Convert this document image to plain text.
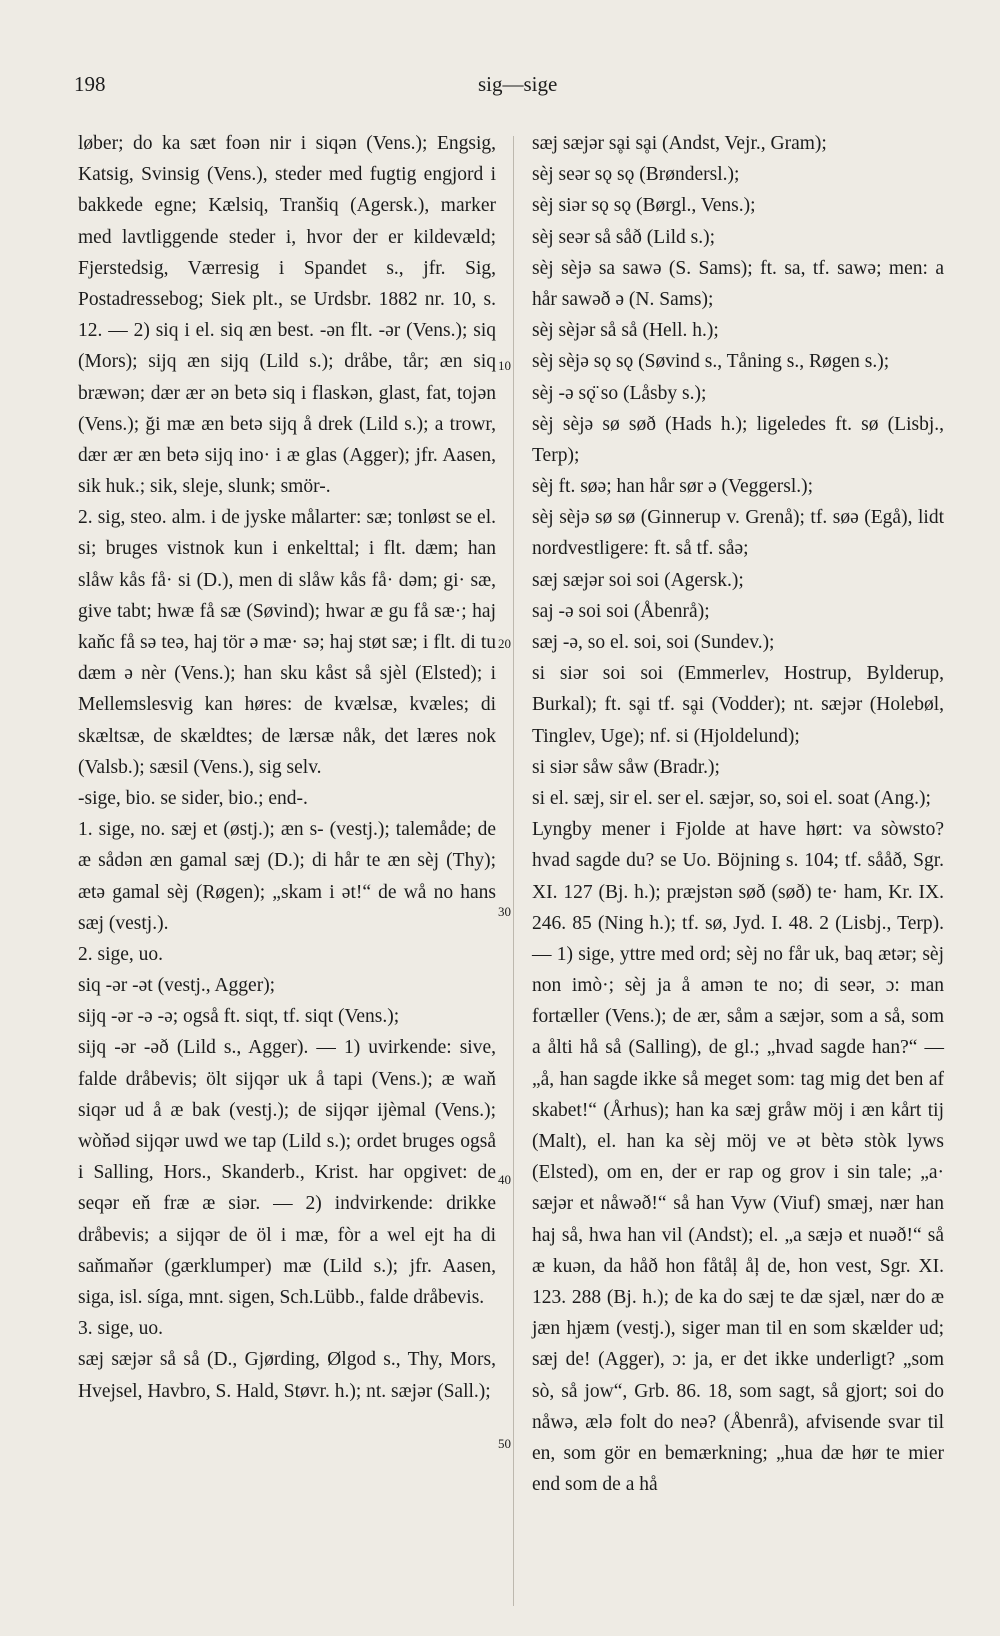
198	sig—sige

løber; do ka sæt foən nir i siqən (Vens.); Engsig, Katsig, Svinsig (Vens.), steder med fugtig engjord i bakkede egne; Kælsiq, Tranšiq (Agersk.), marker med lavtliggende steder i, hvor der er kildevæld; Fjerstedsig, Værresig i Spandet s., jfr. Sig, Postadressebog; Siek plt., se Urdsbr. 1882 nr. 10, s. 12. — 2) siq i el. siq æn best. -ən flt. -ər (Vens.); siq (Mors); sijq æn sijq (Lild s.); dråbe, tår; æn siq bræwən; dær ær ən betə siq i flaskən, glast, fat, tojən (Vens.); ği mæ æn betə sijq å drek (Lild s.); a trowr, dær ær æn betə sijq ino· i æ glas (Agger); jfr. Aasen, sik huk.; sik, sleje, slunk; smör-.

2. sig, steo. alm. i de jyske målarter: sæ; tonløst se el. si; bruges vistnok kun i enkelttal; i flt. dæm; han slåw kås få· si (D.), men di slåw kås få· dəm; gi· sæ, give tabt; hwæ få sæ (Søvind); hwar æ gu få sæ·; haj kaňc få sə teə, haj tör ə mæ· sə; haj støt sæ; i flt. di tu dæm ə nèr (Vens.); han sku kåst så sjèl (Elsted); i Mellemslesvig kan høres: de kvælsæ, kvæles; di skæltsæ, de skældtes; de lærsæ nåk, det læres nok (Valsb.); sæsil (Vens.), sig selv.

-sige, bio. se sider, bio.; end-.

1. sige, no. sæj et (østj.); æn s- (vestj.); talemåde; de æ sådən æn gamal sæj (D.); di hår te æn sèj (Thy); ætə gamal sèj (Røgen); „skam i ət!“ de wå no hans sæj (vestj.).

2. sige, uo.

siq -ər -ət (vestj., Agger);

sijq -ər -ə -ə; også ft. siqt, tf. siqt (Vens.);

sijq -ər -əð (Lild s., Agger). — 1) uvirkende: sive, falde dråbevis; ölt sijqər uk å tapi (Vens.); æ waň siqər ud å æ bak (vestj.); de sijqər ijèmal (Vens.); wòňəd sijqər uwd we tap (Lild s.); ordet bruges også i Salling, Hors., Skanderb., Krist. har opgivet: de seqər eň fræ æ siər. — 2) indvirkende: drikke dråbevis; a sijqər de öl i mæ, fòr a wel ejt ha di saňmaňər (gærklumper) mæ (Lild s.); jfr. Aasen, siga, isl. síga, mnt. sigen, Sch.Lübb., falde dråbevis.

3. sige, uo.

sæj sæjər så så (D., Gjørding, Ølgod s., Thy, Mors, Hvejsel, Havbro, S. Hald, Støvr. h.); nt. sæjər (Sall.);

10
20
30
40
50

sæj sæjər sḁi sḁi (Andst, Vejr., Gram);

sèj seər sǫ sǫ (Brøndersl.);

sèj siər sǫ sǫ (Børgl., Vens.);

sèj seər så såð (Lild s.);

sèj sèjə sa sawə (S. Sams); ft. sa, tf. sawə; men: a hår sawəð ə (N. Sams);

sèj sèjər så så (Hell. h.);

sèj sèjə sǫ sǫ (Søvind s., Tåning s., Røgen s.);

sèj -ə sǫ̈ so (Låsby s.);

sèj sèjə sø søð (Hads h.); ligeledes ft. sø (Lisbj., Terp);

sèj ft. søə; han hår sør ə (Veggersl.);

sèj sèjə sø sø (Ginnerup v. Grenå); tf. søə (Egå), lidt nordvestligere: ft. så tf. såə;

sæj sæjər soi soi (Agersk.);

saj -ə soi soi (Åbenrå);

sæj -ə, so el. soi, soi (Sundev.);

si siər soi soi (Emmerlev, Hostrup, Bylderup, Burkal); ft. sḁi tf. sḁi (Vodder); nt. sæjər (Holebøl, Tinglev, Uge); nf. si (Hjoldelund);

si siər såw såw (Bradr.);

si el. sæj, sir el. ser el. sæjər, so, soi el. soat (Ang.);

Lyngby mener i Fjolde at have hørt: va sòwsto? hvad sagde du? se Uo. Böjning s. 104; tf. sååð, Sgr. XI. 127 (Bj. h.); præjstən søð (søð) te· ham, Kr. IX. 246. 85 (Ning h.); tf. sø, Jyd. I. 48. 2 (Lisbj., Terp). — 1) sige, yttre med ord; sèj no får uk, baq ætər; sèj non imò·; sèj ja å amən te no; di seər, ɔ: man fortæller (Vens.); de ær, såm a sæjər, som a så, som a ålti hå så (Salling), de gl.; „hvad sagde han?“ — „å, han sagde ikke så meget som: tag mig det ben af skabet!“ (Århus); han ka sæj gråw möj i æn kårt tij (Malt), el. han ka sèj möj ve ət bètə stòk lyws (Elsted), om en, der er rap og grov i sin tale; „a· sæjər et nåwəð!“ så han Vyw (Viuf) smæj, nær han haj så, hwa han vil (Andst); el. „a sæjə et nuəð!“ så æ kuən, da håð hon fåtåļ åļ de, hon vest, Sgr. XI. 123. 288 (Bj. h.); de ka do sæj te dæ sjæl, nær do æ jæn hjæm (vestj.), siger man til en som skælder ud; sæj de! (Agger), ɔ: ja, er det ikke underligt? „som sò, så jow“, Grb. 86. 18, som sagt, så gjort; soi do nåwə, ælə folt do neə? (Åbenrå), afvisende svar til en, som gör en bemærkning; „hua dæ hør te mier end som de a hå
